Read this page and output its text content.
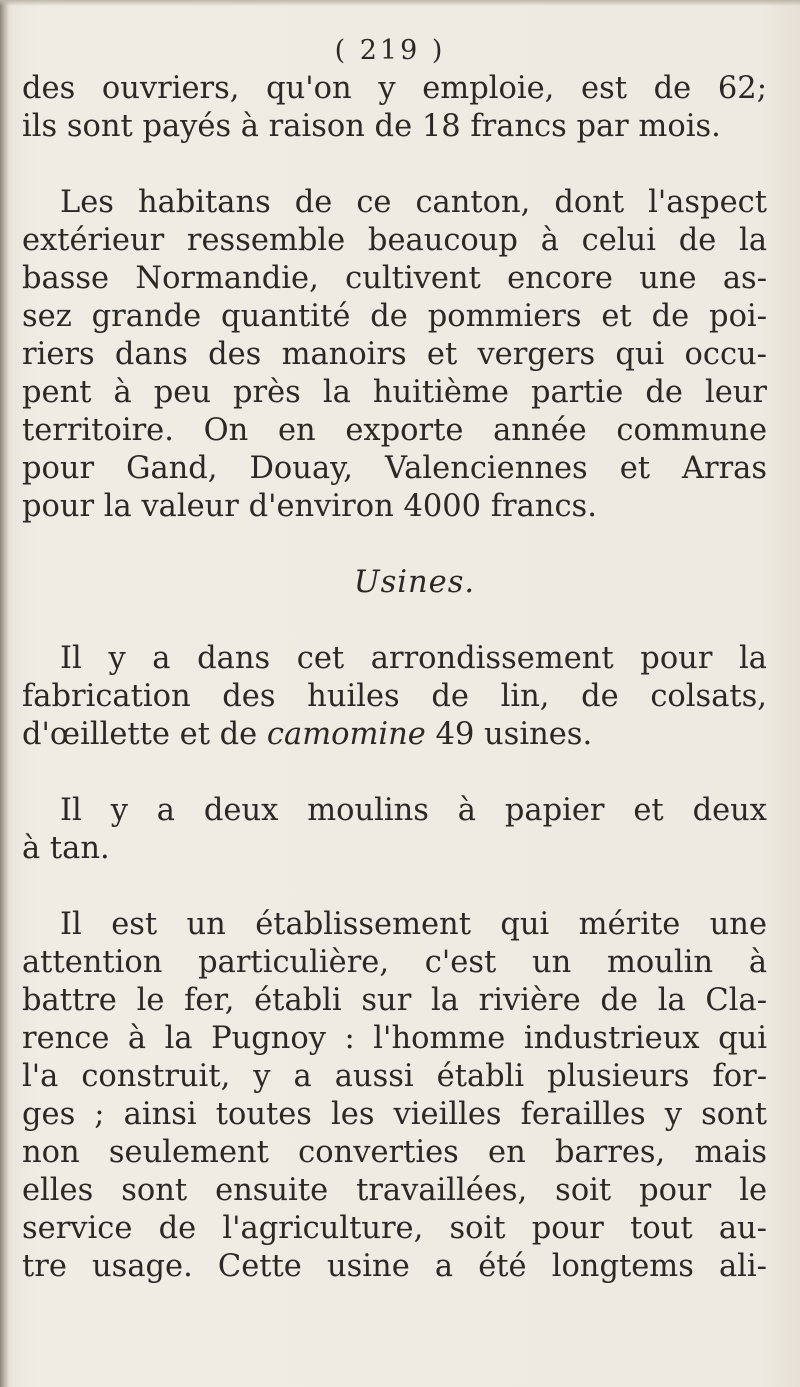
( 219 )
des ouvriers, qu'on y emploie, est de 62;
ils sont payés à raison de 18 francs par mois.
Les habitans de ce canton, dont l'aspect
extérieur ressemble beaucoup à celui de la
basse Normandie, cultivent encore une as-
sez grande quantité de pommiers et de poi-
riers dans des manoirs et vergers qui occu-
pent à peu près la huitième partie de leur
territoire. On en exporte année commune
pour Gand, Douay, Valenciennes et Arras
pour la valeur d'environ 4000 francs.
Usines.
Il y a dans cet arrondissement pour la
fabrication des huiles de lin, de colsats,
d'œillette et de camomine 49 usines.
Il y a deux moulins à papier et deux
à tan.
Il est un établissement qui mérite une
attention particulière, c'est un moulin à
battre le fer, établi sur la rivière de la Cla-
rence à la Pugnoy : l'homme industrieux qui
l'a construit, y a aussi établi plusieurs for-
ges ; ainsi toutes les vieilles ferailles y sont
non seulement converties en barres, mais
elles sont ensuite travaillées, soit pour le
service de l'agriculture, soit pour tout au-
tre usage. Cette usine a été longtems ali-
